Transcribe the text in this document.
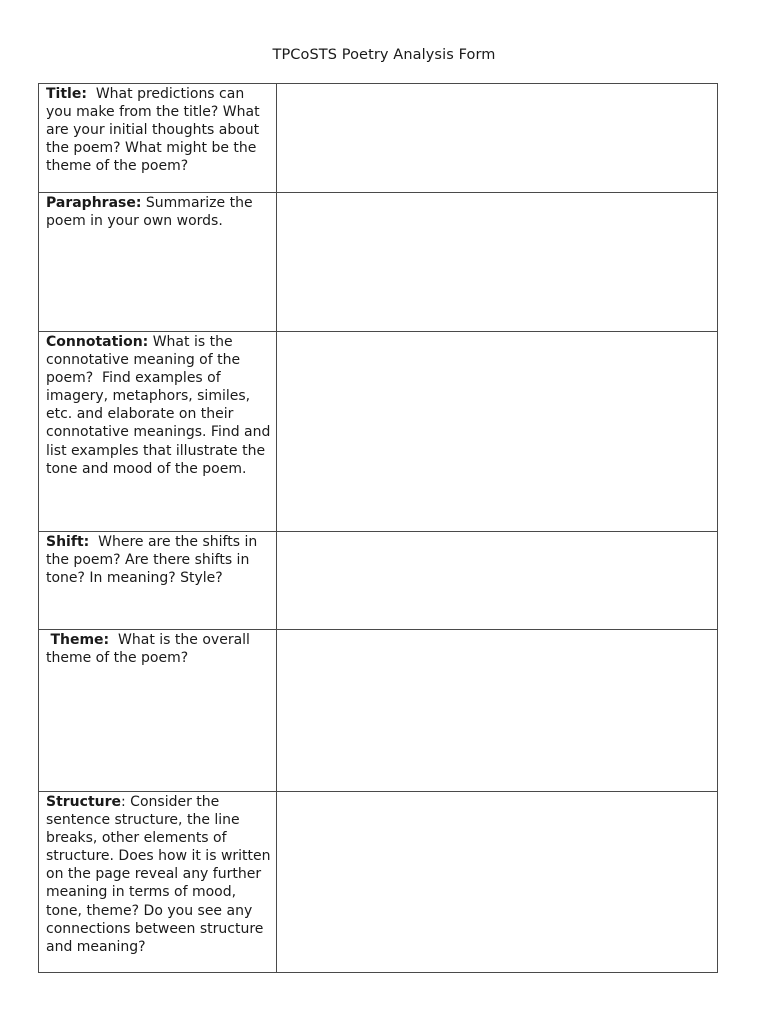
TPCoSTS Poetry Analysis Form
Title:  What predictions can you make from the title? What are your initial thoughts about the poem? What might be the theme of the poem?	
Paraphrase: Summarize the poem in your own words.	
Connotation: What is the connotative meaning of the poem?  Find examples of imagery, metaphors, similes, etc. and elaborate on their connotative meanings. Find and list examples that illustrate the tone and mood of the poem.	
Shift:  Where are the shifts in the poem? Are there shifts in tone? In meaning? Style?	
Theme:  What is the overall theme of the poem?	
Structure: Consider the sentence structure, the line breaks, other elements of structure. Does how it is written on the page reveal any further meaning in terms of mood, tone, theme? Do you see any connections between structure and meaning?	
